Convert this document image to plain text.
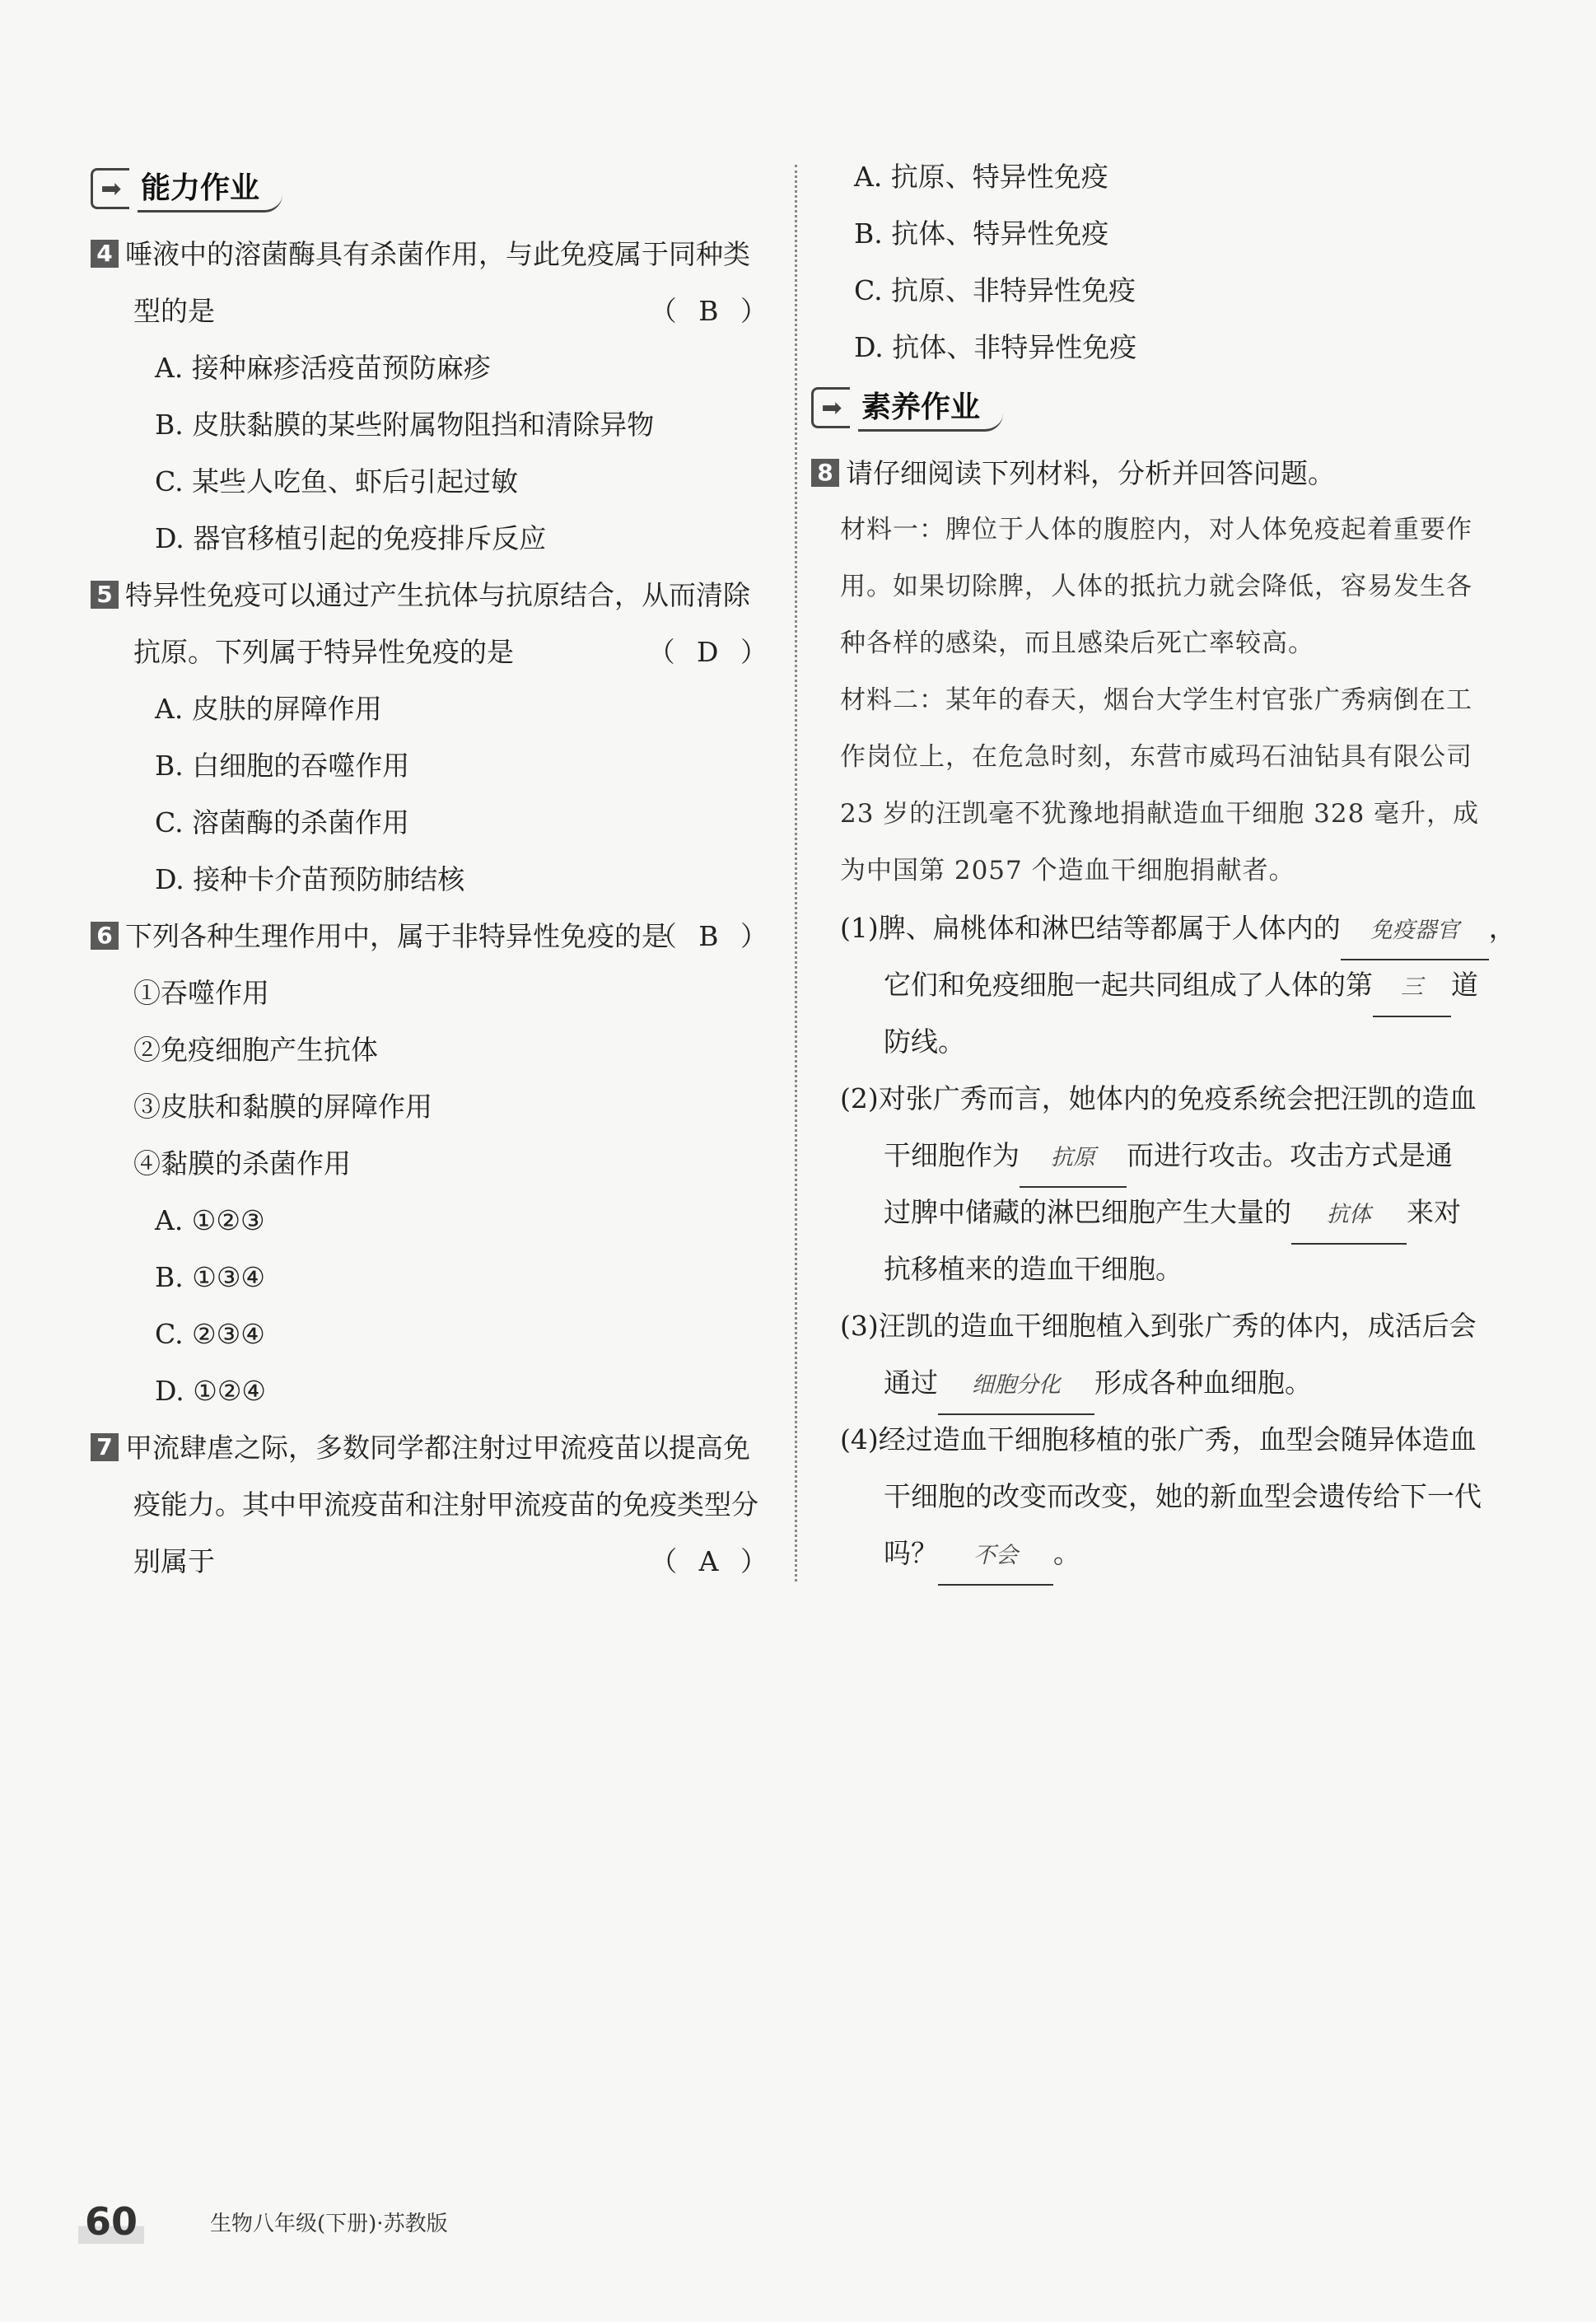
➡ 能力作业
4 唾液中的溶菌酶具有杀菌作用，与此免疫属于同种类
型的是	（ B ）
A. 接种麻疹活疫苗预防麻疹
B. 皮肤黏膜的某些附属物阻挡和清除异物
C. 某些人吃鱼、虾后引起过敏
D. 器官移植引起的免疫排斥反应
5 特异性免疫可以通过产生抗体与抗原结合，从而清除
抗原。下列属于特异性免疫的是	（ D ）
A. 皮肤的屏障作用
B. 白细胞的吞噬作用
C. 溶菌酶的杀菌作用
D. 接种卡介苗预防肺结核
6 下列各种生理作用中，属于非特异性免疫的是
（ B ）
①吞噬作用
②免疫细胞产生抗体
③皮肤和黏膜的屏障作用
④黏膜的杀菌作用
A. ①②③
B. ①③④
C. ②③④
D. ①②④
7 甲流肆虐之际，多数同学都注射过甲流疫苗以提高免
疫能力。其中甲流疫苗和注射甲流疫苗的免疫类型分
别属于	（ A ）
A. 抗原、特异性免疫
B. 抗体、特异性免疫
C. 抗原、非特异性免疫
D. 抗体、非特异性免疫
➡ 素养作业
8 请仔细阅读下列材料，分析并回答问题。
材料一：脾位于人体的腹腔内，对人体免疫起着重要作
用。如果切除脾，人体的抵抗力就会降低，容易发生各
种各样的感染，而且感染后死亡率较高。
材料二：某年的春天，烟台大学生村官张广秀病倒在工
作岗位上，在危急时刻，东营市威玛石油钻具有限公司
23 岁的汪凯毫不犹豫地捐献造血干细胞 328 毫升，成
为中国第 2057 个造血干细胞捐献者。
(1)脾、扁桃体和淋巴结等都属于人体内的 免疫器官 ，
它们和免疫细胞一起共同组成了人体的第 三 道
防线。
(2)对张广秀而言，她体内的免疫系统会把汪凯的造血
干细胞作为 抗原 而进行攻击。攻击方式是通
过脾中储藏的淋巴细胞产生大量的 抗体 来对
抗移植来的造血干细胞。
(3)汪凯的造血干细胞植入到张广秀的体内，成活后会
通过 细胞分化 形成各种血细胞。
(4)经过造血干细胞移植的张广秀，血型会随异体造血
干细胞的改变而改变，她的新血型会遗传给下一代
吗？ 不会 。
60	生物八年级(下册)·苏教版
